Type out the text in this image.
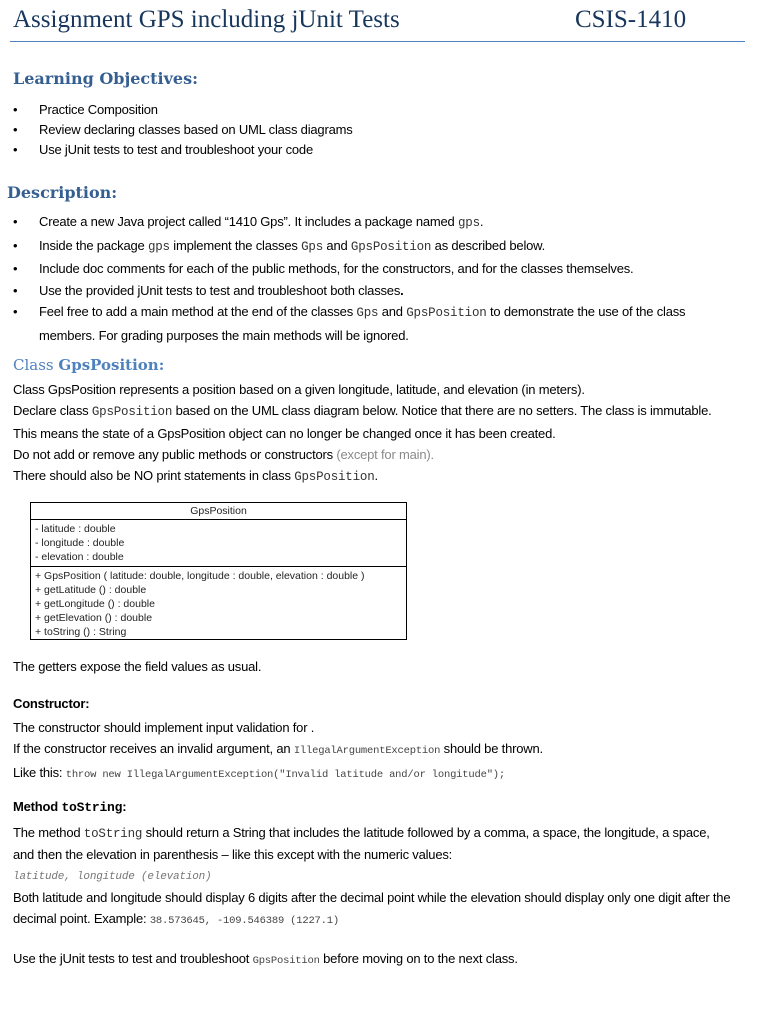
Assignment GPS including jUnit Tests	CSIS-1410
Learning Objectives:
• Practice Composition
• Review declaring classes based on UML class diagrams
• Use jUnit tests to test and troubleshoot your code
Description:
• Create a new Java project called “1410 Gps”. It includes a package named gps.
• Inside the package gps implement the classes Gps and GpsPosition as described below.
• Include doc comments for each of the public methods, for the constructors, and for the classes themselves.
• Use the provided jUnit tests to test and troubleshoot both classes.
• Feel free to add a main method at the end of the classes Gps and GpsPosition to demonstrate the use of the class members. For grading purposes the main methods will be ignored.
Class GpsPosition:
Class GpsPosition represents a position based on a given longitude, latitude, and elevation (in meters).
Declare class GpsPosition based on the UML class diagram below. Notice that there are no setters. The class is immutable. This means the state of a GpsPosition object can no longer be changed once it has been created.
Do not add or remove any public methods or constructors (except for main).
There should also be NO print statements in class GpsPosition.
GpsPosition
- latitude : double
- longitude : double
- elevation : double
+ GpsPosition ( latitude: double, longitude : double, elevation : double )
+ getLatitude () : double
+ getLongitude () : double
+ getElevation () : double
+ toString () : String
The getters expose the field values as usual.
Constructor:
The constructor should implement input validation for .
If the constructor receives an invalid argument, an IllegalArgumentException should be thrown.
Like this: throw new IllegalArgumentException("Invalid latitude and/or longitude");
Method toString:
The method toString should return a String that includes the latitude followed by a comma, a space, the longitude, a space, and then the elevation in parenthesis – like this except with the numeric values:
latitude, longitude (elevation)
Both latitude and longitude should display 6 digits after the decimal point while the elevation should display only one digit after the decimal point. Example: 38.573645, -109.546389 (1227.1)
Use the jUnit tests to test and troubleshoot GpsPosition before moving on to the next class.
